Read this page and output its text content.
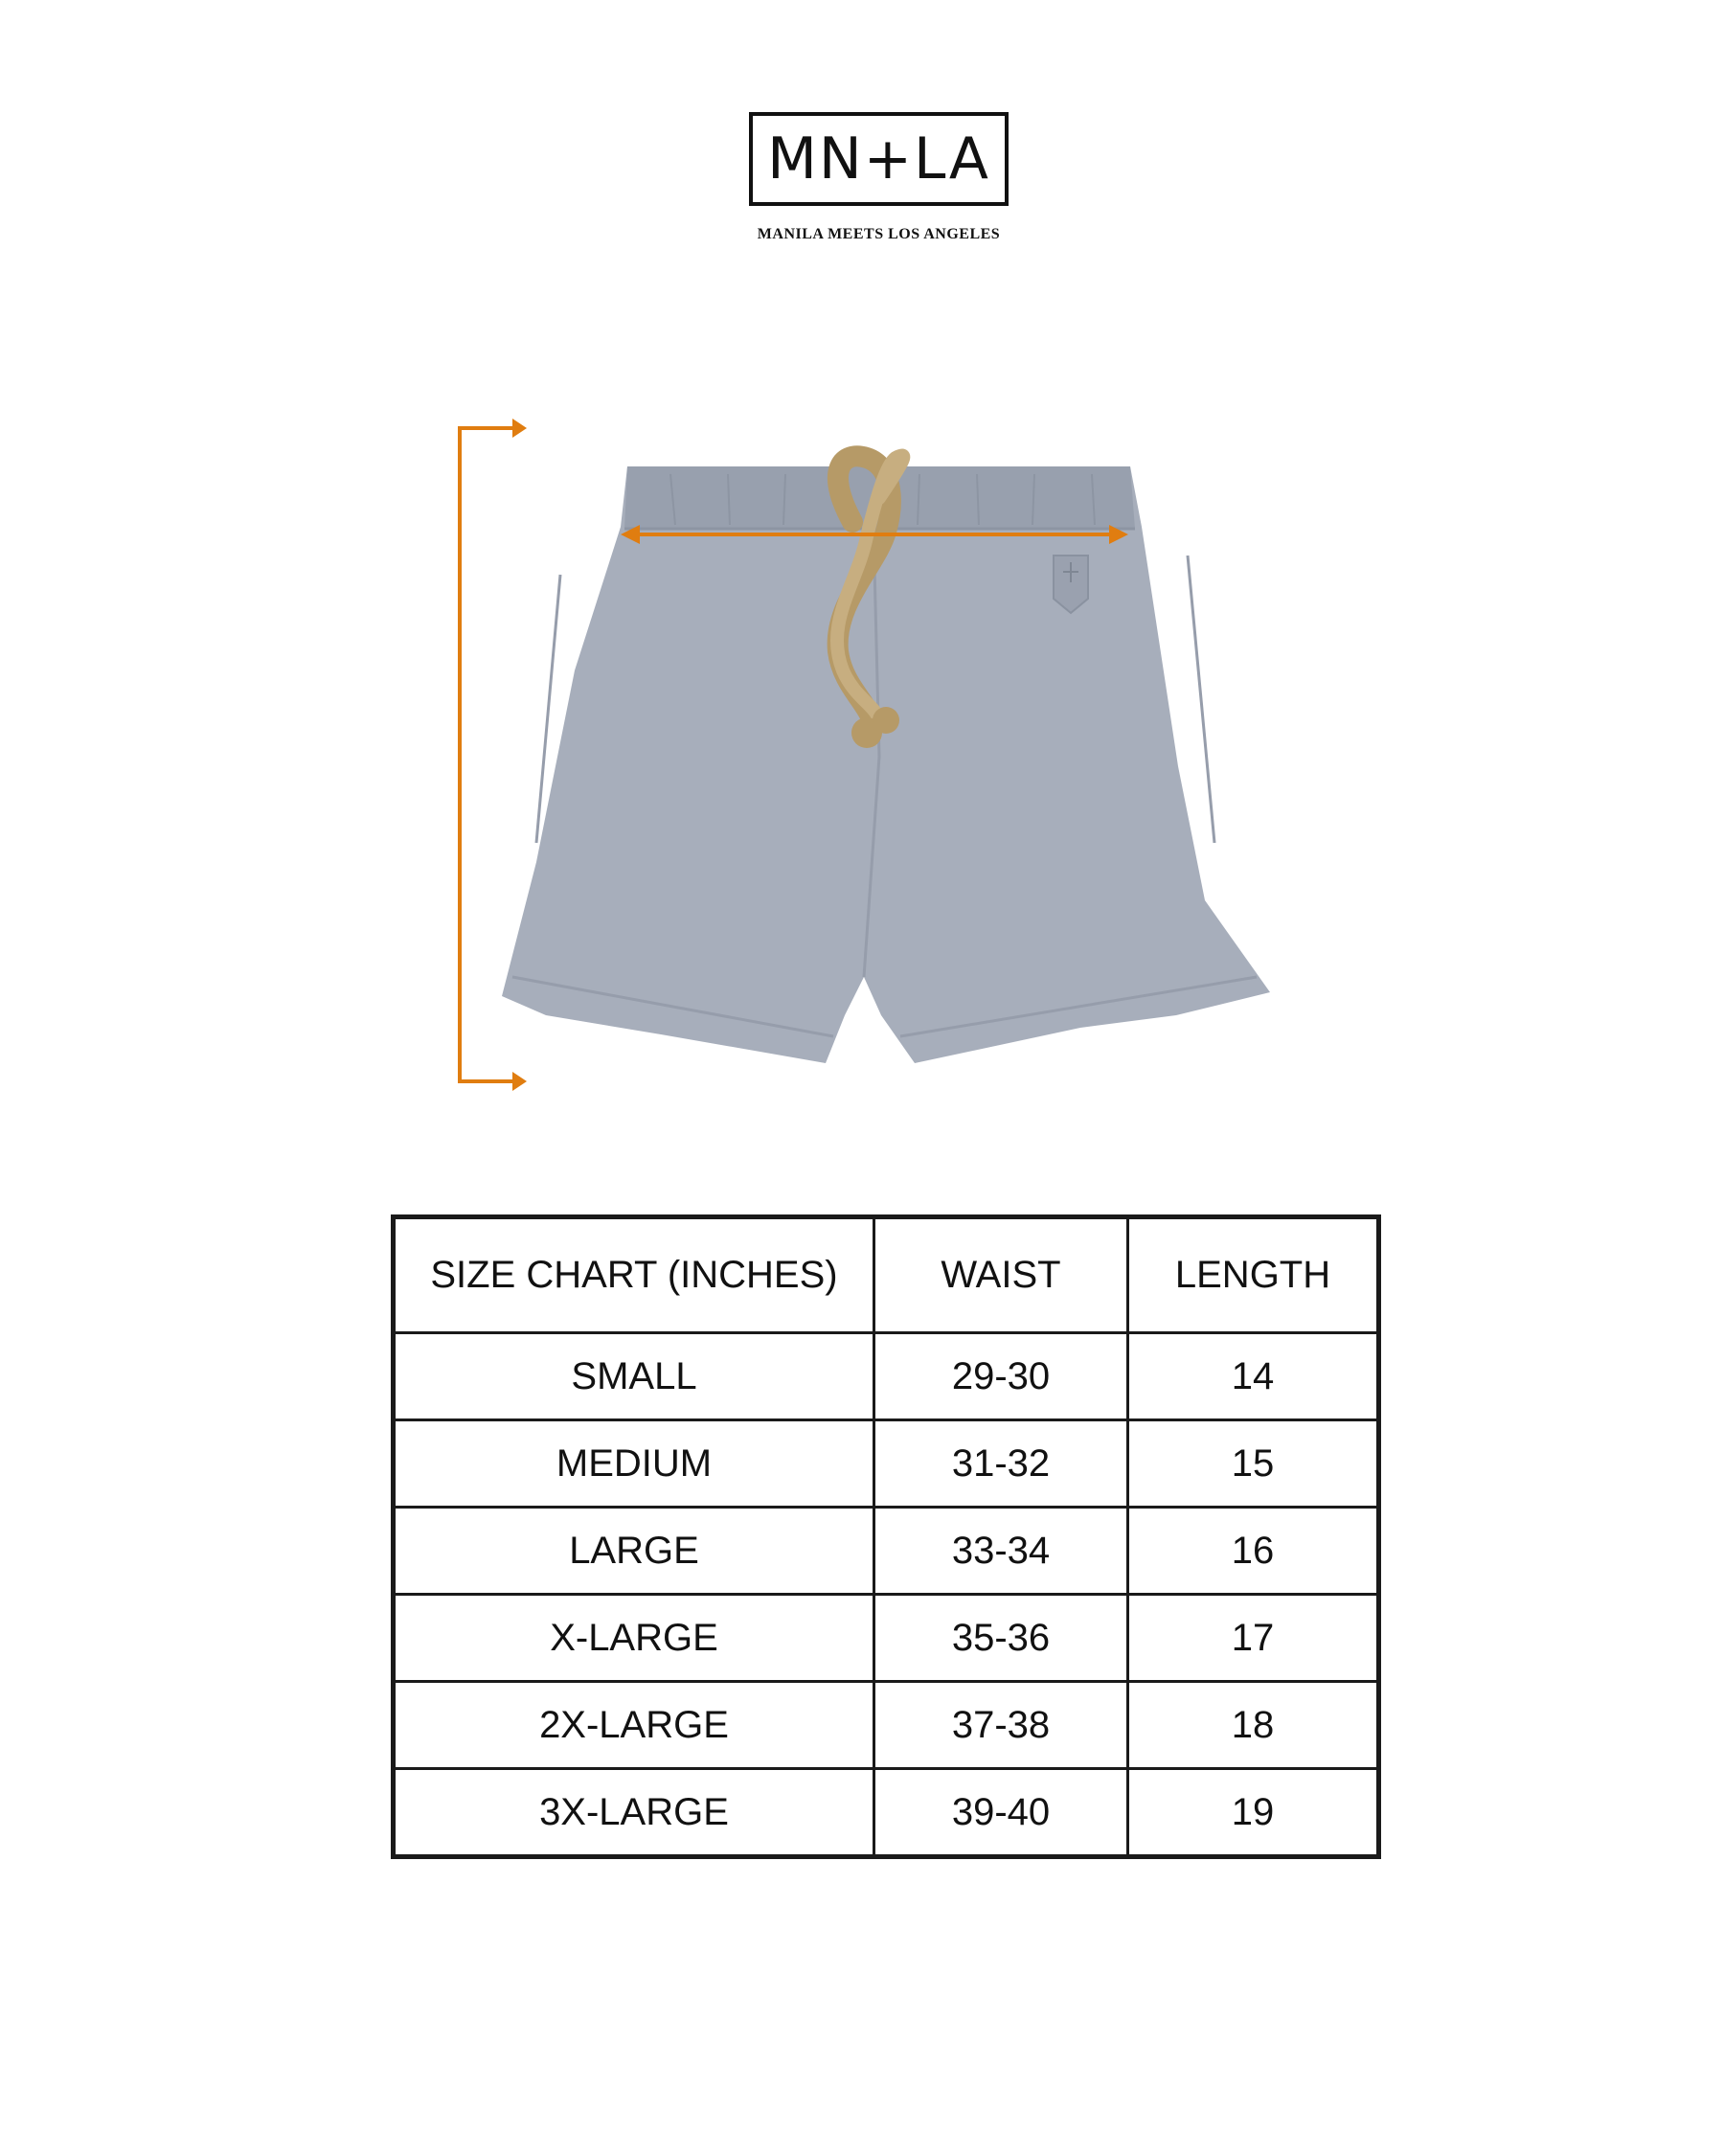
MN+LA
MANILA MEETS LOS ANGELES
SIZE CHART (INCHES)	WAIST	LENGTH
SMALL	29-30	14
MEDIUM	31-32	15
LARGE	33-34	16
X-LARGE	35-36	17
2X-LARGE	37-38	18
3X-LARGE	39-40	19
